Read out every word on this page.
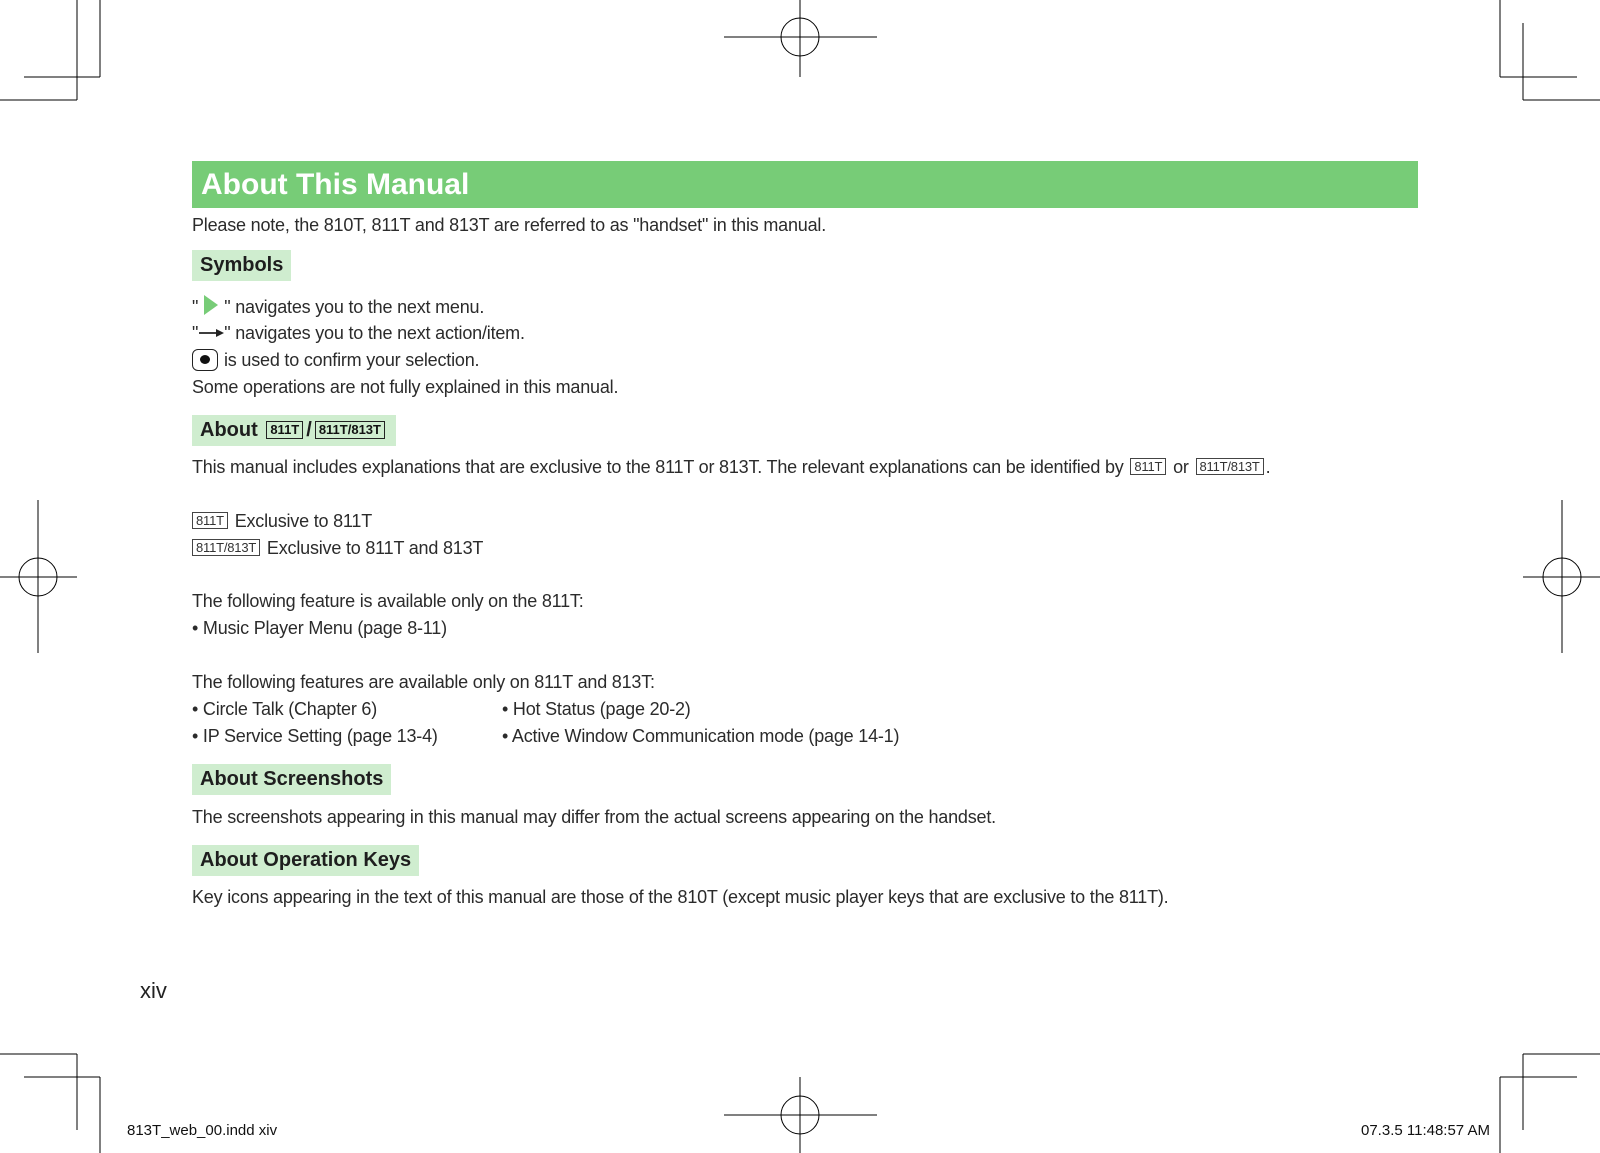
About This Manual
Please note, the 810T, 811T and 813T are referred to as "handset" in this manual.
Symbols
" " navigates you to the next menu.
" " navigates you to the next action/item.
is used to confirm your selection.
Some operations are not fully explained in this manual.
About 811T / 811T/813T
This manual includes explanations that are exclusive to the 811T or 813T. The relevant explanations can be identified by 811T or 811T/813T .
811T Exclusive to 811T
811T/813T Exclusive to 811T and 813T
The following feature is available only on the 811T:
• Music Player Menu (page 8-11)
The following features are available only on 811T and 813T:
• Circle Talk (Chapter 6)	• Hot Status (page 20-2)
• IP Service Setting (page 13-4)	• Active Window Communication mode (page 14-1)
About Screenshots
The screenshots appearing in this manual may differ from the actual screens appearing on the handset.
About Operation Keys
Key icons appearing in the text of this manual are those of the 810T (except music player keys that are exclusive to the 811T).
xiv
813T_web_00.indd xiv	07.3.5 11:48:57 AM
